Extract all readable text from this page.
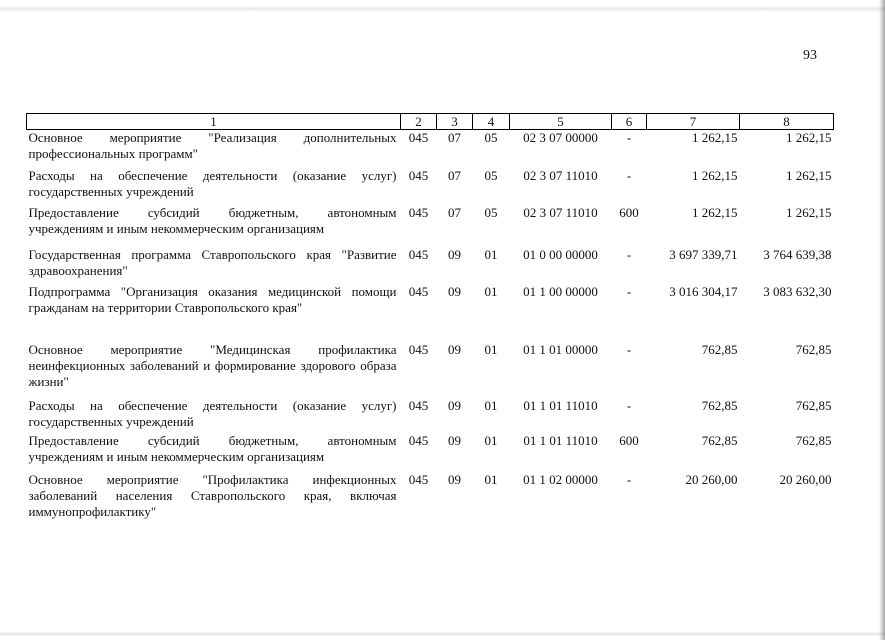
93
1	2	3	4	5	6	7	8
Основное мероприятие "Реализация дополнительных профессиональных программ"	045	07	05	02 3 07 00000	-	1 262,15	1 262,15
Расходы на обеспечение деятельности (оказание услуг) государственных учреждений	045	07	05	02 3 07 11010	-	1 262,15	1 262,15
Предоставление субсидий бюджетным, автономным учреждениям и иным некоммерческим организациям	045	07	05	02 3 07 11010	600	1 262,15	1 262,15
Государственная программа Ставропольского края "Развитие здравоохранения"	045	09	01	01 0 00 00000	-	3 697 339,71	3 764 639,38
Подпрограмма "Организация оказания медицинской помощи гражданам на территории Ставропольского края"	045	09	01	01 1 00 00000	-	3 016 304,17	3 083 632,30
Основное мероприятие "Медицинская профилактика неинфекционных заболеваний и формирование здорового образа жизни"	045	09	01	01 1 01 00000	-	762,85	762,85
Расходы на обеспечение деятельности (оказание услуг) государственных учреждений	045	09	01	01 1 01 11010	-	762,85	762,85
Предоставление субсидий бюджетным, автономным учреждениям и иным некоммерческим организациям	045	09	01	01 1 01 11010	600	762,85	762,85
Основное мероприятие "Профилактика инфекционных заболеваний населения Ставропольского края, включая иммунопрофилактику"	045	09	01	01 1 02 00000	-	20 260,00	20 260,00
